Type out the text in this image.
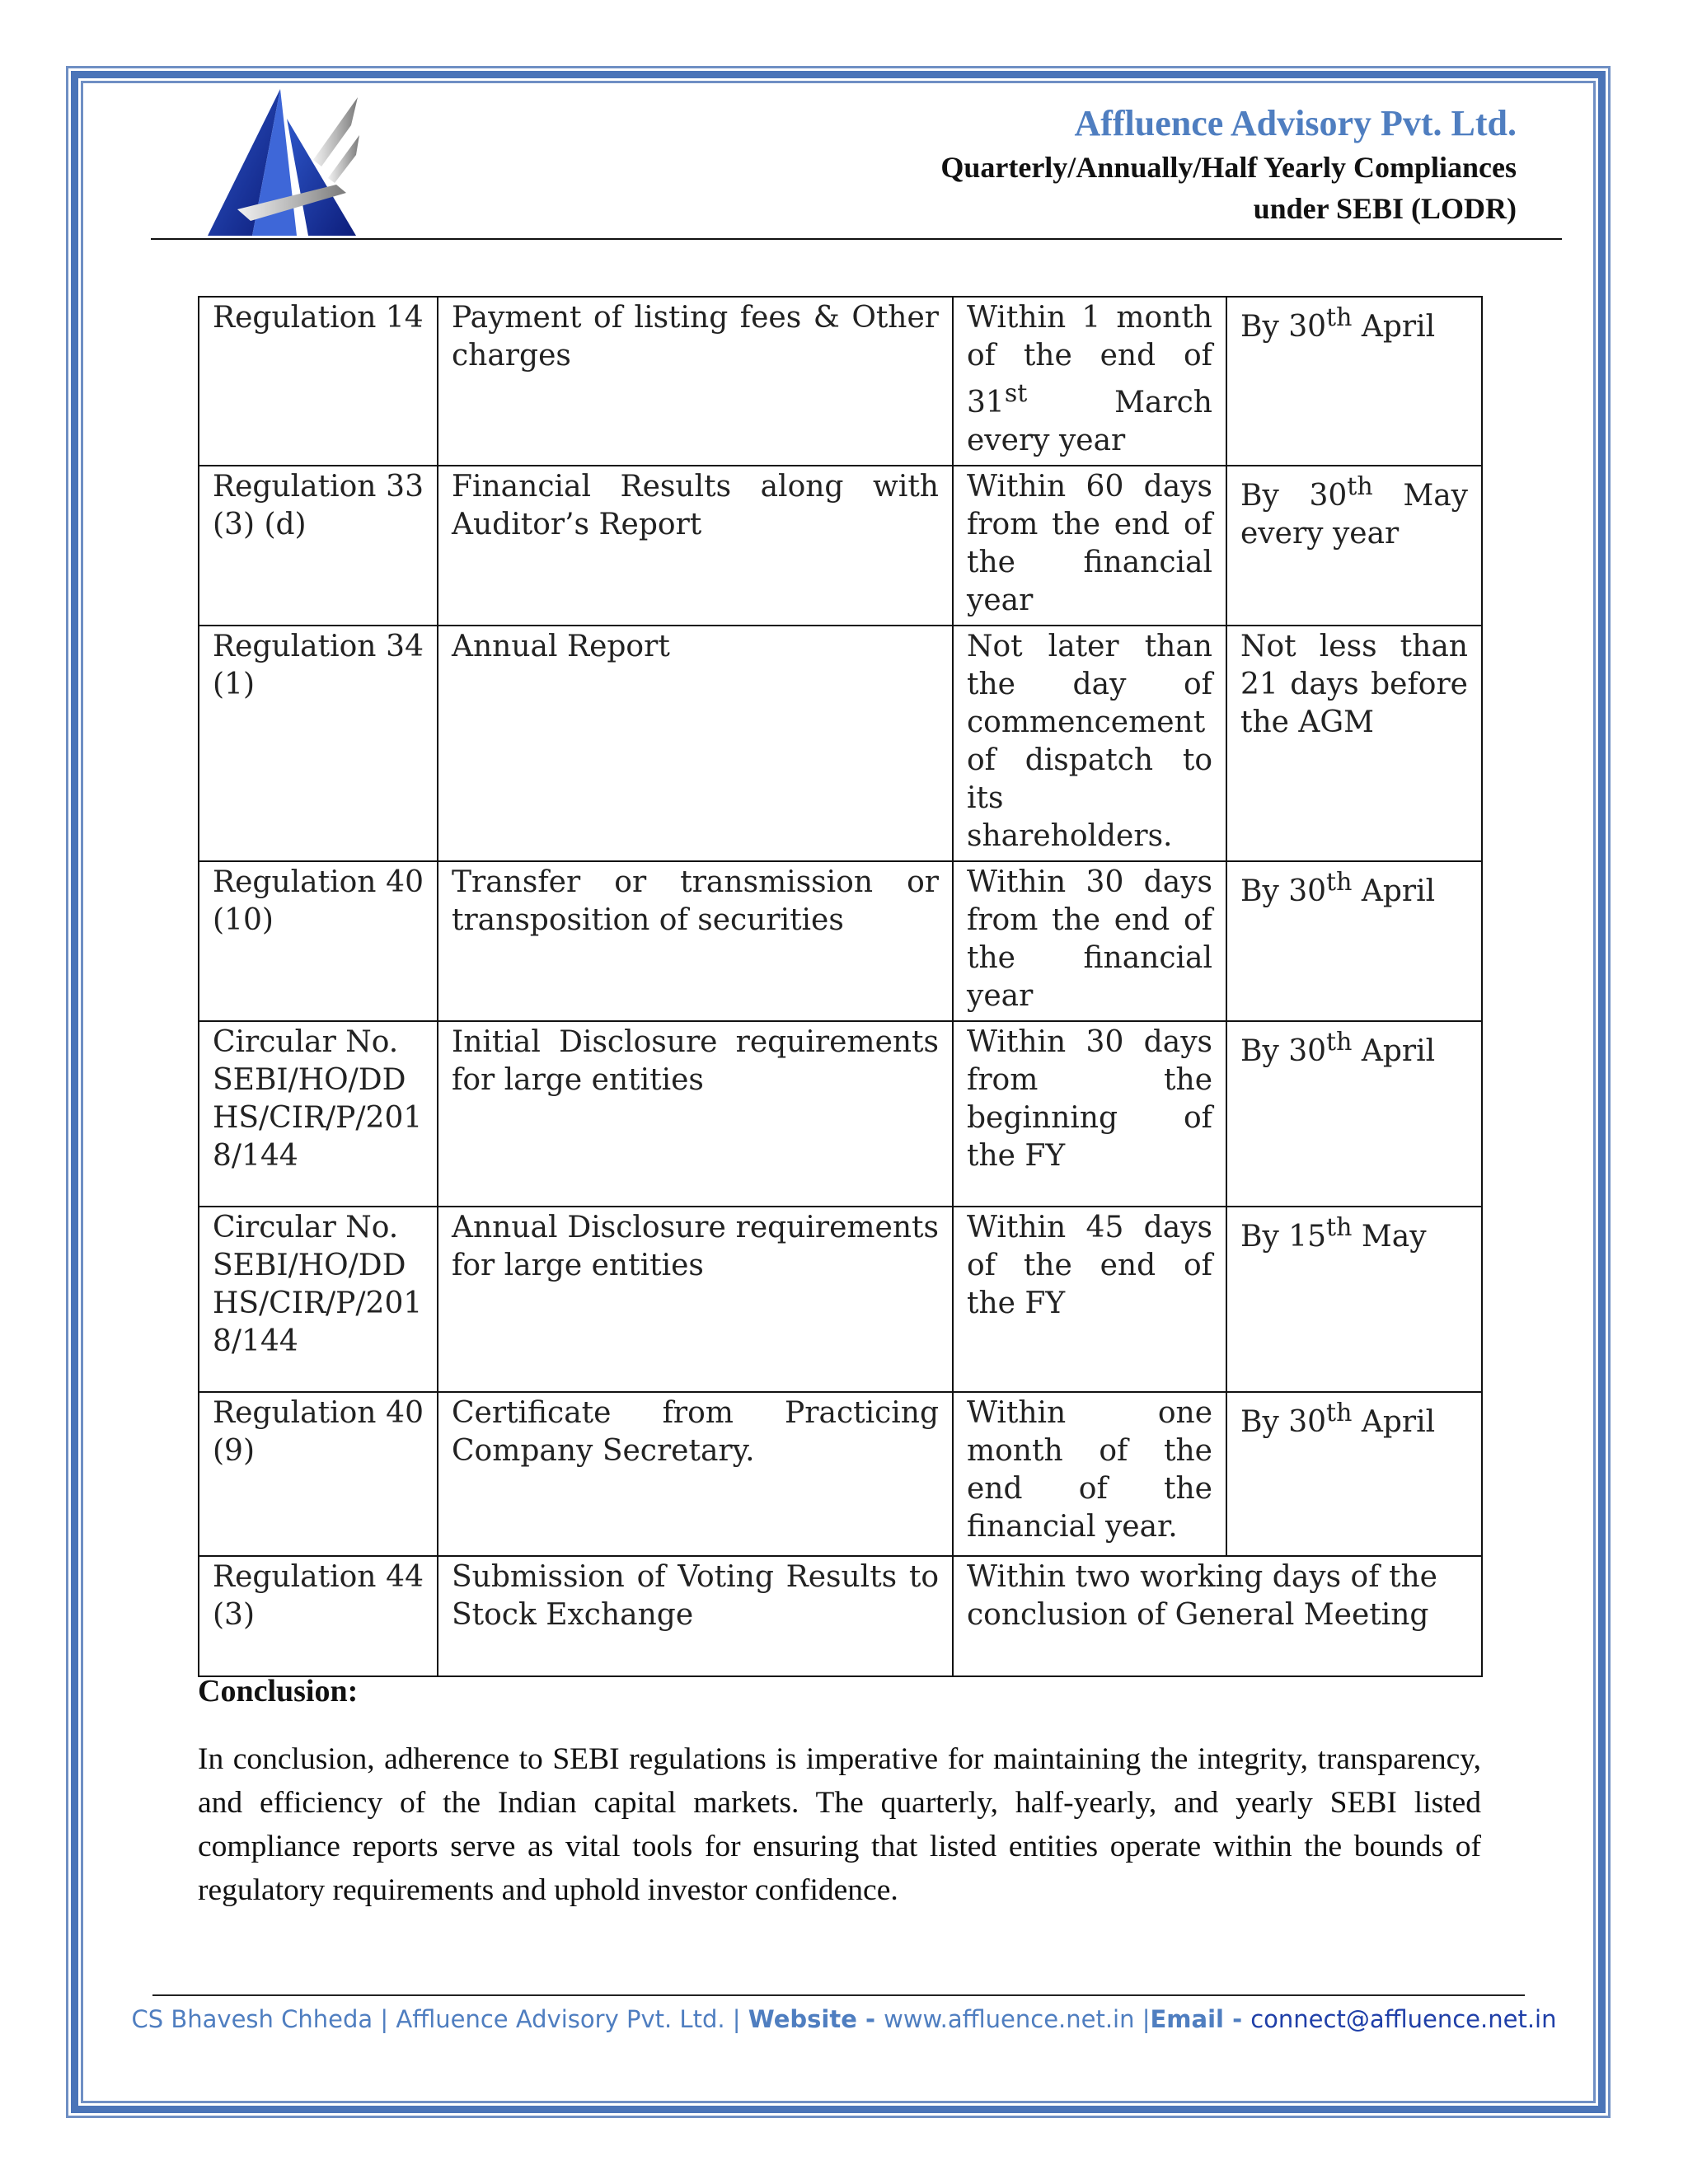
Affluence Advisory Pvt. Ltd.
Quarterly/Annually/Half Yearly Compliances
under SEBI (LODR)
Regulation 14	Payment of listing fees & Other charges	Within 1 month of the end of 31st March every year	By 30th April
Regulation 33 (3) (d)	Financial Results along with Auditor’s Report	Within 60 days from the end of the financial year	By 30th May every year
Regulation 34 (1)	Annual Report	Not later than the day of commencement of dispatch to its shareholders.	Not less than 21 days before the AGM
Regulation 40 (10)	Transfer or transmission or transposition of securities	Within 30 days from the end of the financial year	By 30th April
Circular No. SEBI/HO/DDHS/CIR/P/2018/144	Initial Disclosure requirements for large entities	Within 30 days from the beginning of the FY	By 30th April
Circular No. SEBI/HO/DDHS/CIR/P/2018/144	Annual Disclosure requirements for large entities	Within 45 days of the end of the FY	By 15th May
Regulation 40 (9)	Certificate from Practicing Company Secretary.	Within one month of the end of the financial year.	By 30th April
Regulation 44 (3)	Submission of Voting Results to Stock Exchange	Within two working days of the conclusion of General Meeting	
Conclusion:
In conclusion, adherence to SEBI regulations is imperative for maintaining the integrity, transparency, and efficiency of the Indian capital markets. The quarterly, half-yearly, and yearly SEBI listed compliance reports serve as vital tools for ensuring that listed entities operate within the bounds of regulatory requirements and uphold investor confidence.
CS Bhavesh Chheda | Affluence Advisory Pvt. Ltd. | Website - www.affluence.net.in |Email - connect@affluence.net.in
